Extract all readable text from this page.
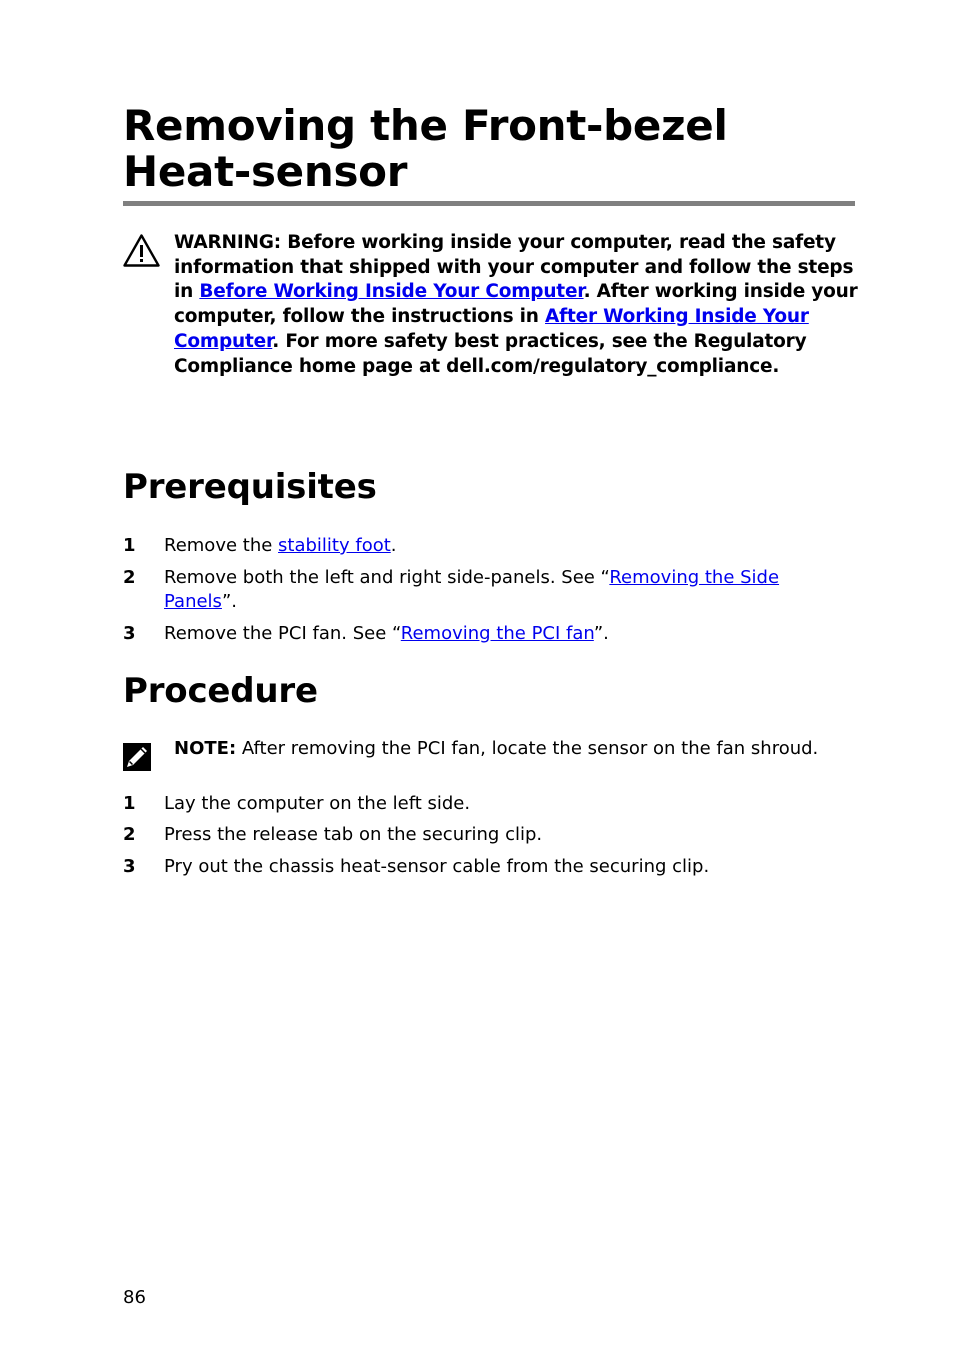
Removing the Front-bezel
Heat-sensor

WARNING: Before working inside your computer, read the safety information that shipped with your computer and follow the steps in Before Working Inside Your Computer. After working inside your computer, follow the instructions in After Working Inside Your Computer. For more safety best practices, see the Regulatory Compliance home page at dell.com/regulatory_compliance.

Prerequisites
1 Remove the stability foot.
2 Remove both the left and right side-panels. See “Removing the Side Panels”.
3 Remove the PCI fan. See “Removing the PCI fan”.
Procedure

NOTE: After removing the PCI fan, locate the sensor on the fan shroud.

1 Lay the computer on the left side.
2 Press the release tab on the securing clip.
3 Pry out the chassis heat-sensor cable from the securing clip.
86
